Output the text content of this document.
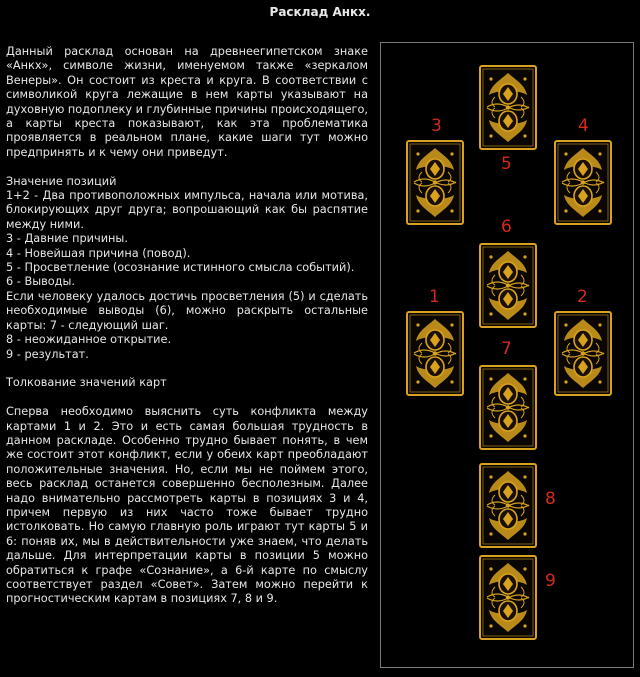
Расклад Анкх.

Данный расклад основан на древнеегипетском знаке «Анкх», символе жизни, именуемом также «зеркалом Венеры». Он состоит из креста и круга. В соответствии с символикой круга лежащие в нем карты указывают на духовную подоплеку и глубинные причины происходящего, а карты креста показывают, как эта проблематика проявляется в реальном плане, какие шаги тут можно предпринять и к чему они приведут.

Значение позиций

1+2 - Два противоположных импульса, начала или мотива, блокирующих друг друга; вопрошающий как бы распятие между ними.

3 - Давние причины.

4 - Новейшая причина (повод).

5 - Просветление (осознание истинного смысла событий).

6 - Выводы.

Если человеку удалось достичь просветления (5) и сделать необходимые выводы (6), можно раскрыть остальные карты: 7 - следующий шаг.

8 - неожиданное открытие.

9 - результат.

Толкование значений карт

Сперва необходимо выяснить суть конфликта между картами 1 и 2. Это и есть самая большая трудность в данном раскладе. Особенно трудно бывает понять, в чем же состоит этот конфликт, если у обеих карт преобладают положительные значения. Но, если мы не поймем этого, весь расклад останется совершенно бесполезным. Далее надо внимательно рассмотреть карты в позициях 3 и 4, причем первую из них часто тоже бывает трудно истолковать. Но самую главную роль играют тут карты 5 и 6: поняв их, мы в действительности уже знаем, что делать дальше. Для интерпретации карты в позиции 5 можно обратиться к графе «Сознание», а 6-й карте по смыслу соответствует раздел «Совет». Затем можно перейти к прогностическим картам в позициях 7, 8 и 9.

3	4
5
6
1	2
7
8
9
